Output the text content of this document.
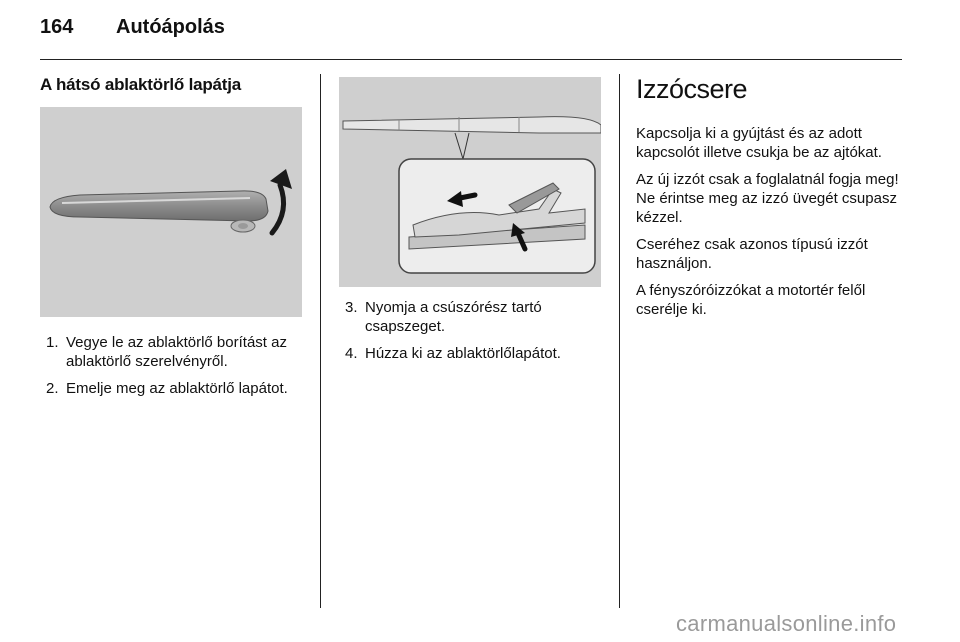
164 Autóápolás
A hátsó ablaktörlő lapátja
1. Vegye le az ablaktörlő borítást az ablaktörlő szerelvényről.
2. Emelje meg az ablaktörlő lapátot.
3. Nyomja a csúszórész tartó csapszeget.
4. Húzza ki az ablaktörlőlapátot.
Izzócsere

Kapcsolja ki a gyújtást és az adott kapcsolót illetve csukja be az ajtókat.

Az új izzót csak a foglalatnál fogja meg! Ne érintse meg az izzó üvegét csupasz kézzel.

Cseréhez csak azonos típusú izzót használjon.

A fényszóróizzókat a motortér felől cserélje ki.

carmanualsonline.info
